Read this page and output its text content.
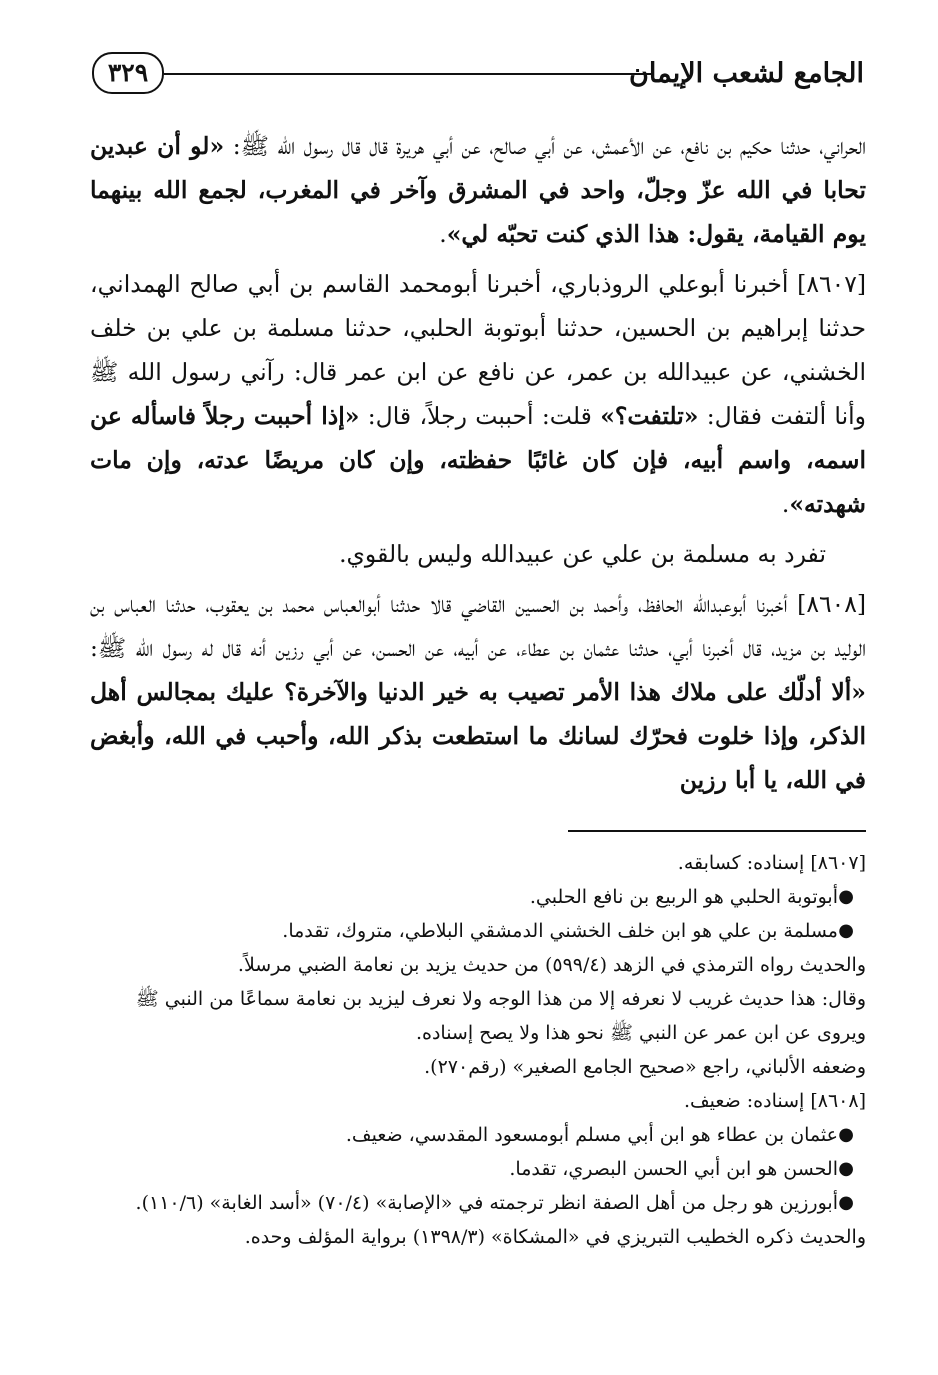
الجامع لشعب الإيمان
٣٢٩

الحراني، حدثنا حكيم بن نافع، عن الأعمش، عن أبي صالح، عن أبي هريرة قال قال رسول الله ﷺ: «لو أن عبدين تحابا في الله عزّ وجلّ، واحد في المشرق وآخر في المغرب، لجمع الله بينهما يوم القيامة، يقول: هذا الذي كنت تحبّه لي».

[٨٦٠٧] أخبرنا أبوعلي الروذباري، أخبرنا أبومحمد القاسم بن أبي صالح الهمداني، حدثنا إبراهيم بن الحسين، حدثنا أبوتوبة الحلبي، حدثنا مسلمة بن علي بن خلف الخشني، عن عبيدالله بن عمر، عن نافع عن ابن عمر قال: رآني رسول الله ﷺ وأنا ألتفت فقال: «تلتفت؟» قلت: أحببت رجلاً، قال: «إذا أحببت رجلاً فاسأله عن اسمه، واسم أبيه، فإن كان غائبًا حفظته، وإن كان مريضًا عدته، وإن مات شهدته».

تفرد به مسلمة بن علي عن عبيدالله وليس بالقوي.

[٨٦٠٨] أخبرنا أبوعبدالله الحافظ، وأحمد بن الحسين القاضي قالا حدثنا أبوالعباس محمد بن يعقوب، حدثنا العباس بن الوليد بن مزيد، قال أخبرنا أبي، حدثنا عثمان بن عطاء، عن أبيه، عن الحسن، عن أبي رزين أنه قال له رسول الله ﷺ: «ألا أدلّك على ملاك هذا الأمر تصيب به خير الدنيا والآخرة؟ عليك بمجالس أهل الذكر، وإذا خلوت فحرّك لسانك ما استطعت بذكر الله، وأحبب في الله، وأبغض في الله، يا أبا رزين

[٨٦٠٧] إسناده: كسابقه.

●
أبوتوبة الحلبي هو الربيع بن نافع الحلبي.
●
مسلمة بن علي هو ابن خلف الخشني الدمشقي البلاطي، متروك، تقدما.

والحديث رواه الترمذي في الزهد (٥٩٩/٤) من حديث يزيد بن نعامة الضبي مرسلاً.

وقال: هذا حديث غريب لا نعرفه إلا من هذا الوجه ولا نعرف ليزيد بن نعامة سماعًا من النبي ﷺ ويروى عن ابن عمر عن النبي ﷺ نحو هذا ولا يصح إسناده.

وضعفه الألباني، راجع «صحيح الجامع الصغير» (رقم٢٧٠).

[٨٦٠٨] إسناده: ضعيف.

●
عثمان بن عطاء هو ابن أبي مسلم أبومسعود المقدسي، ضعيف.
●
الحسن هو ابن أبي الحسن البصري، تقدما.
●
أبورزين هو رجل من أهل الصفة انظر ترجمته في «الإصابة» (٧٠/٤) «أسد الغابة» (١١٠/٦).

والحديث ذكره الخطيب التبريزي في «المشكاة» (١٣٩٨/٣) برواية المؤلف وحده.
